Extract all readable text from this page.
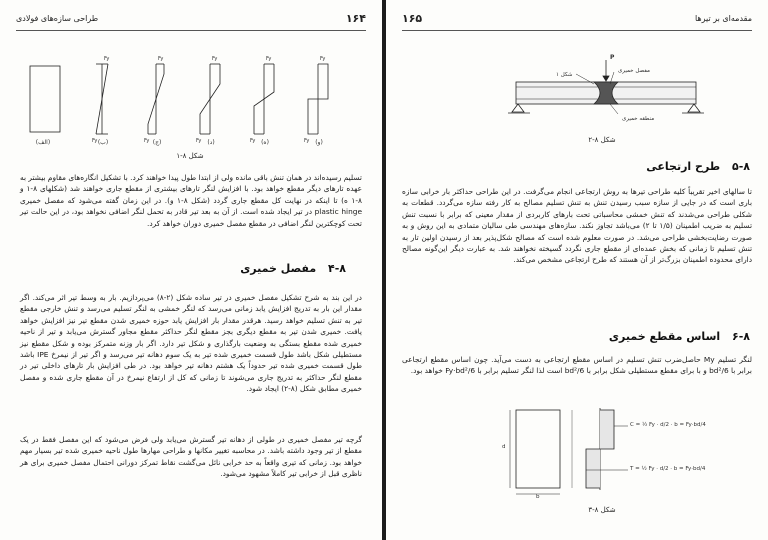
۱۶۴
طراحی سازه‌های فولادی
Fy	Fy	Fy	Fy	Fy
Fy	Fy	Fy	Fy	Fy
(الف)	(ب)	(ج)	(د)	(ه)	(و)
شکل ۸-۱
تسلیم رسیده‌اند در همان تنش باقی مانده ولی از ابتدا طول پیدا خواهند کرد. با تشکیل انگاره‌های مقاوم بیشتر به عهده تارهای دیگر مقطع خواهد بود. با افزایش لنگر تارهای بیشتری از مقطع جاری خواهند شد (شکلهای ۸-۱ و ۸-۱ ه) تا اینکه در نهایت کل مقطع جاری گردد (شکل ۸-۱ و). در این زمان گفته می‌شود که مفصل خمیری plastic hinge در تیر ایجاد شده است. از آن به بعد تیر قادر به تحمل لنگر اضافی نخواهد بود، در این حالت تیر تحت کوچکترین لنگر اضافی در مقطع مفصل خمیری دوران خواهد کرد.
۴-۸ مفصل خمیری
در این بند به شرح تشکیل مفصل خمیری در تیر ساده شکل (۲-۸) می‌پردازیم. بار به وسط تیر اثر می‌کند. اگر مقدار این بار به تدریج افزایش یابد زمانی می‌رسد که لنگر خمشی به لنگر تسلیم می‌رسد و تنش خارجی مقطع تیر به تنش تسلیم خواهد رسید. هرقدر مقدار بار افزایش یابد حوزه خمیری شدن مقطع تیر نیز افزایش خواهد یافت. خمیری شدن تیر به مقطع دیگری بجز مقطع لنگر حداکثر مقطع مجاور گسترش می‌یابد و تیر از ناحیه خمیری شده مقطع بستگی به وضعیت بارگذاری و شکل تیر دارد. اگر بار وزنه متمرکز بوده و شکل مقطع نیز مستطیلی شکل باشد طول قسمت خمیری شده تیر به یک سوم دهانه تیر می‌رسد و اگر تیر از نیمرخ IPE باشد طول قسمت خمیری شده تیر حدوداً یک هشتم دهانه تیر خواهد بود. در طی افزایش بار تارهای داخلی تیر در مقطع لنگر حداکثر به تدریج جاری می‌شوند تا زمانی که کل از ارتفاع نیمرخ در آن مقطع جاری شده و مفصل خمیری مطابق شکل (۸-۲) ایجاد شود.
گرچه تیر مفصل خمیری در طولی از دهانه تیر گسترش می‌یابد ولی فرض می‌شود که این مفصل فقط در یک مقطع از تیر وجود داشته باشد. در محاسبه تغییر مکانها و طراحی مهارها طول ناحیه خمیری شده تیر بسیار مهم خواهد بود. زمانی که تیری واقعاً به حد خرابی نائل می‌گشت نقاط تمرکز دورانی احتمال مفصل خمیری برای هر ناظری قبل از خرابی تیر کاملاً مشهود می‌شود.
۱۶۵	مقدمه‌ای بر تیرها
P
مفصل خمیری
شکل ۱
منطقه خمیری
شکل ۸-۲
۵-۸ طرح ارتجاعی
تا سالهای اخیر تقریباً کلیه طراحی تیرها به روش ارتجاعی انجام می‌گرفت. در این طراحی حداکثر بار خرابی سازه باری است که در جایی از سازه سبب رسیدن تنش به تنش تسلیم مصالح به کار رفته سازه می‌گردد. قطعات به شکلی طراحی می‌شدند که تنش خمشی محاسباتی تحت بارهای کاربردی از مقدار معینی که برابر با نسبت تنش تسلیم به ضریب اطمینان (۱/۵ تا ۲) می‌باشد تجاوز نکند. سازه‌های مهندسی طی سالیان متمادی به این روش و به صورت رضایت‌بخشی طراحی می‌شد. در صورت معلوم شده است که مصالح شکل‌پذیر بعد از رسیدن اولین تار به تنش تسلیم تا زمانی که بخش عمده‌ای از مقطع جاری نگردد گسیخته نخواهند شد. به عبارت دیگر این‌گونه مصالح دارای محدوده اطمینان بزرگ‌تر از آن هستند که طرح ارتجاعی مشخص می‌کند.
۶-۸ اساس مقطع خمیری
لنگر تسلیم My حاصل‌ضرب تنش تسلیم در اساس مقطع ارتجاعی به دست می‌آید. چون اساس مقطع ارتجاعی برابر با bd²/6 و با برای مقطع مستطیلی شکل برابر با bd²/6 است لذا لنگر تسلیم برابر با Fy·bd²/6 خواهد بود.
b
d
C = ½ Fy · d/2 · b = Fy·bd/4
T = ½ Fy · d/2 · b = Fy·bd/4
شکل ۸-۳
